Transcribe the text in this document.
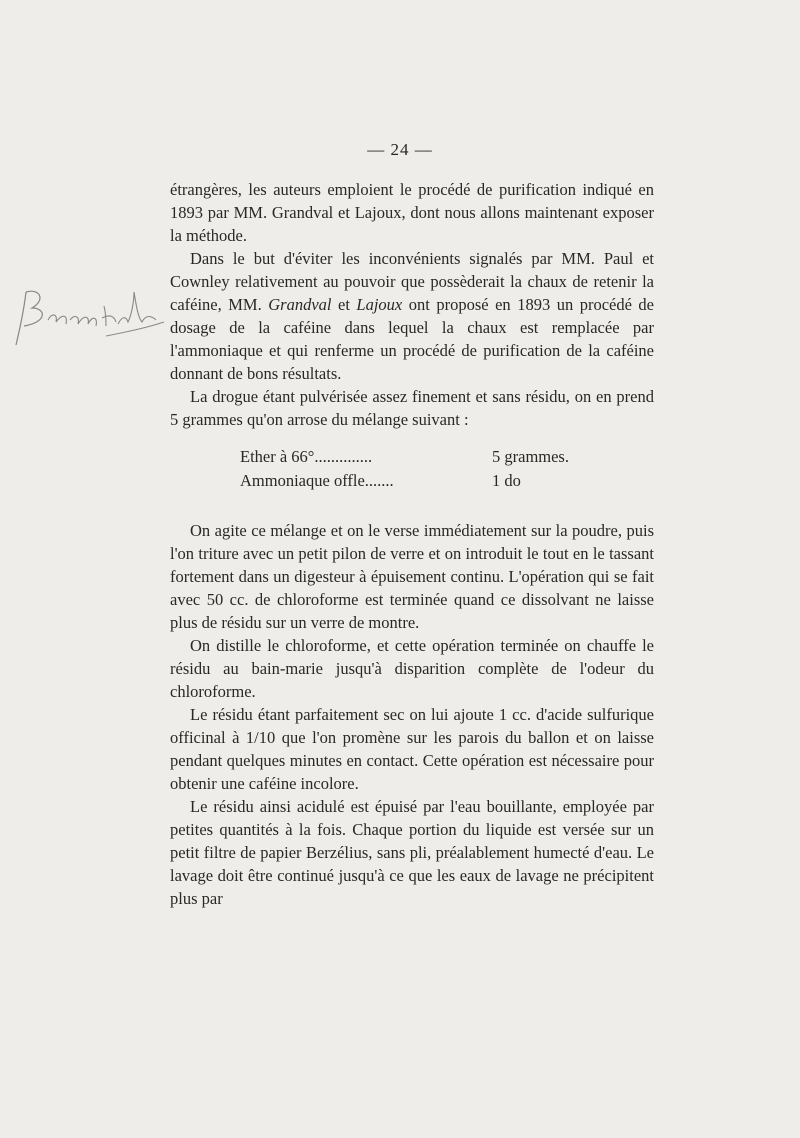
— 24 —

étrangères, les auteurs emploient le procédé de purification indiqué en 1893 par MM. Grandval et Lajoux, dont nous allons maintenant exposer la méthode.

Dans le but d'éviter les inconvénients signalés par MM. Paul et Cownley relativement au pouvoir que possèderait la chaux de retenir la caféine, MM. Grandval et Lajoux ont proposé en 1893 un procédé de dosage de la caféine dans lequel la chaux est remplacée par l'ammoniaque et qui renferme un procédé de purification de la caféine donnant de bons résultats.

La drogue étant pulvérisée assez finement et sans résidu, on en prend 5 grammes qu'on arrose du mélange suivant :

Ether à 66°..............	5 grammes.
Ammoniaque offle.......	1 do

On agite ce mélange et on le verse immédiatement sur la poudre, puis l'on triture avec un petit pilon de verre et on introduit le tout en le tassant fortement dans un digesteur à épuisement continu. L'opération qui se fait avec 50 cc. de chloroforme est terminée quand ce dissolvant ne laisse plus de résidu sur un verre de montre.

On distille le chloroforme, et cette opération terminée on chauffe le résidu au bain-marie jusqu'à disparition complète de l'odeur du chloroforme.

Le résidu étant parfaitement sec on lui ajoute 1 cc. d'acide sulfurique officinal à 1/10 que l'on promène sur les parois du ballon et on laisse pendant quelques minutes en contact. Cette opération est nécessaire pour obtenir une caféine incolore.

Le résidu ainsi acidulé est épuisé par l'eau bouillante, employée par petites quantités à la fois. Chaque portion du liquide est versée sur un petit filtre de papier Berzélius, sans pli, préalablement humecté d'eau. Le lavage doit être continué jusqu'à ce que les eaux de lavage ne précipitent plus par
